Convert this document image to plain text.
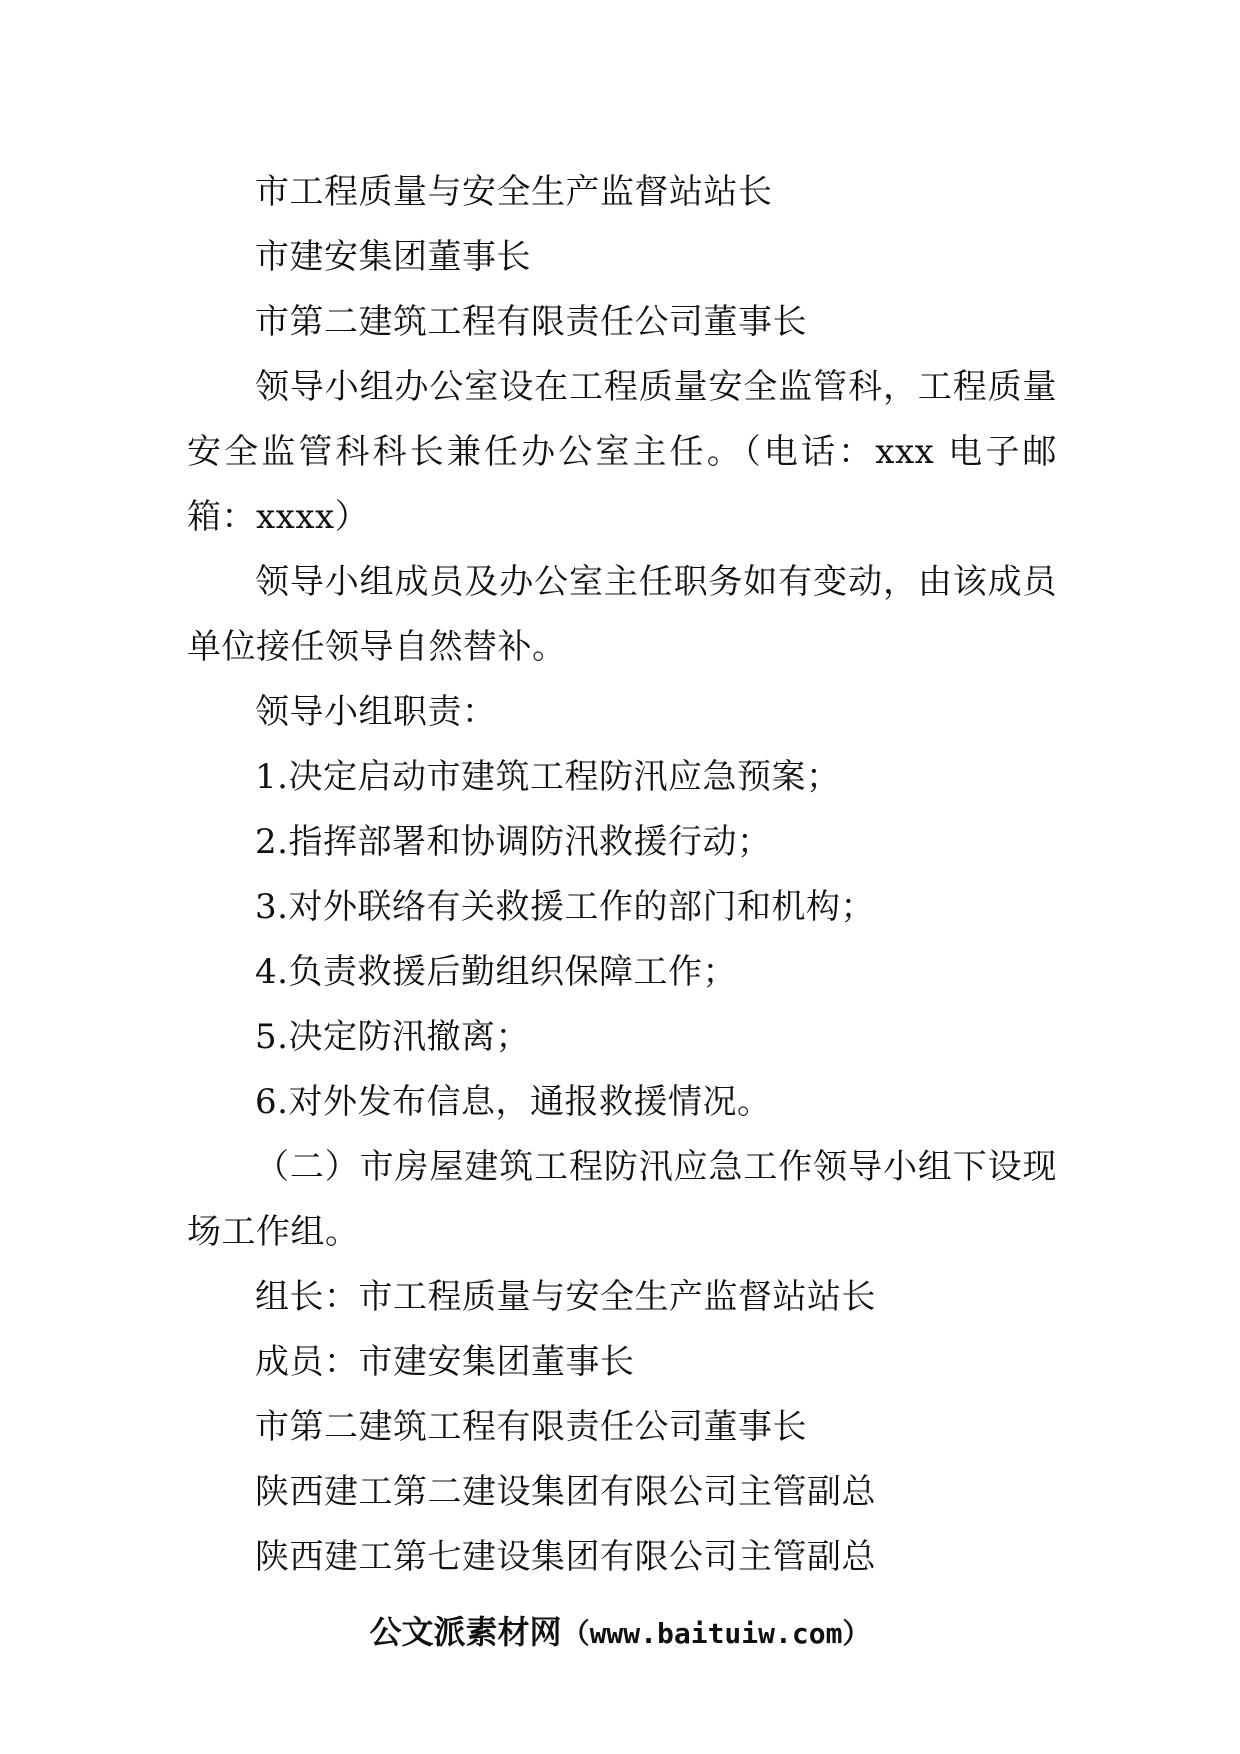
市工程质量与安全生产监督站站长
市建安集团董事长
市第二建筑工程有限责任公司董事长
领导小组办公室设在工程质量安全监管科，工程质量安全监管科科长兼任办公室主任。（电话：xxx 电子邮箱：xxxx）
领导小组成员及办公室主任职务如有变动，由该成员单位接任领导自然替补。
领导小组职责：
1.决定启动市建筑工程防汛应急预案；
2.指挥部署和协调防汛救援行动；
3.对外联络有关救援工作的部门和机构；
4.负责救援后勤组织保障工作；
5.决定防汛撤离；
6.对外发布信息，通报救援情况。
（二）市房屋建筑工程防汛应急工作领导小组下设现场工作组。
组长：市工程质量与安全生产监督站站长
成员：市建安集团董事长
市第二建筑工程有限责任公司董事长
陕西建工第二建设集团有限公司主管副总
陕西建工第七建设集团有限公司主管副总
公文派素材网（www.baituiw.com）
